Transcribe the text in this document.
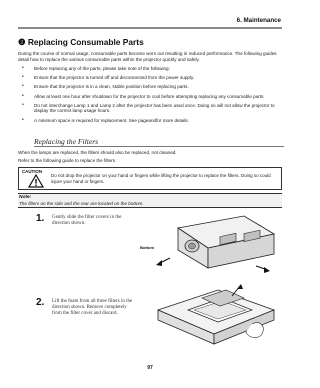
6. Maintenance
❷ Replacing Consumable Parts
During the course of normal usage, consumable parts become worn out resulting in reduced performance. The following guides detail how to replace the various consumable parts within the projector quickly and safely.
• Before replacing any of the parts, please take note of the following:
• Ensure that the projector is turned off and disconnected from the power supply.
• Ensure that the projector is in a clean, stable position before replacing parts.
• Allow at least one hour after shutdown for the projector to cool before attempting replacing any consumable parts.
• Do not interchange Lamp 1 and Lamp 2 after the projector has been used once. Doing so will not allow the projector to display the correct lamp usage hours.
• A minimum space is required for replacement. See page and for more details.
Replacing the Filters
When the lamps are replaced, the filters should also be replaced, not cleaned.
Refer to the following guide to replace the filters.
CAUTION
Do not drop the projector on your hand or fingers while lifting the projector to replace the filters. Doing so could injure your hand or fingers.
Note:
The filters on the side and the rear are located on the bottom.
1. Gently slide the filter covers in the direction shown.
Bottom
2. Lift the foam from all three filters in the direction shown. Remove completely from the filter cover and discard.
97
